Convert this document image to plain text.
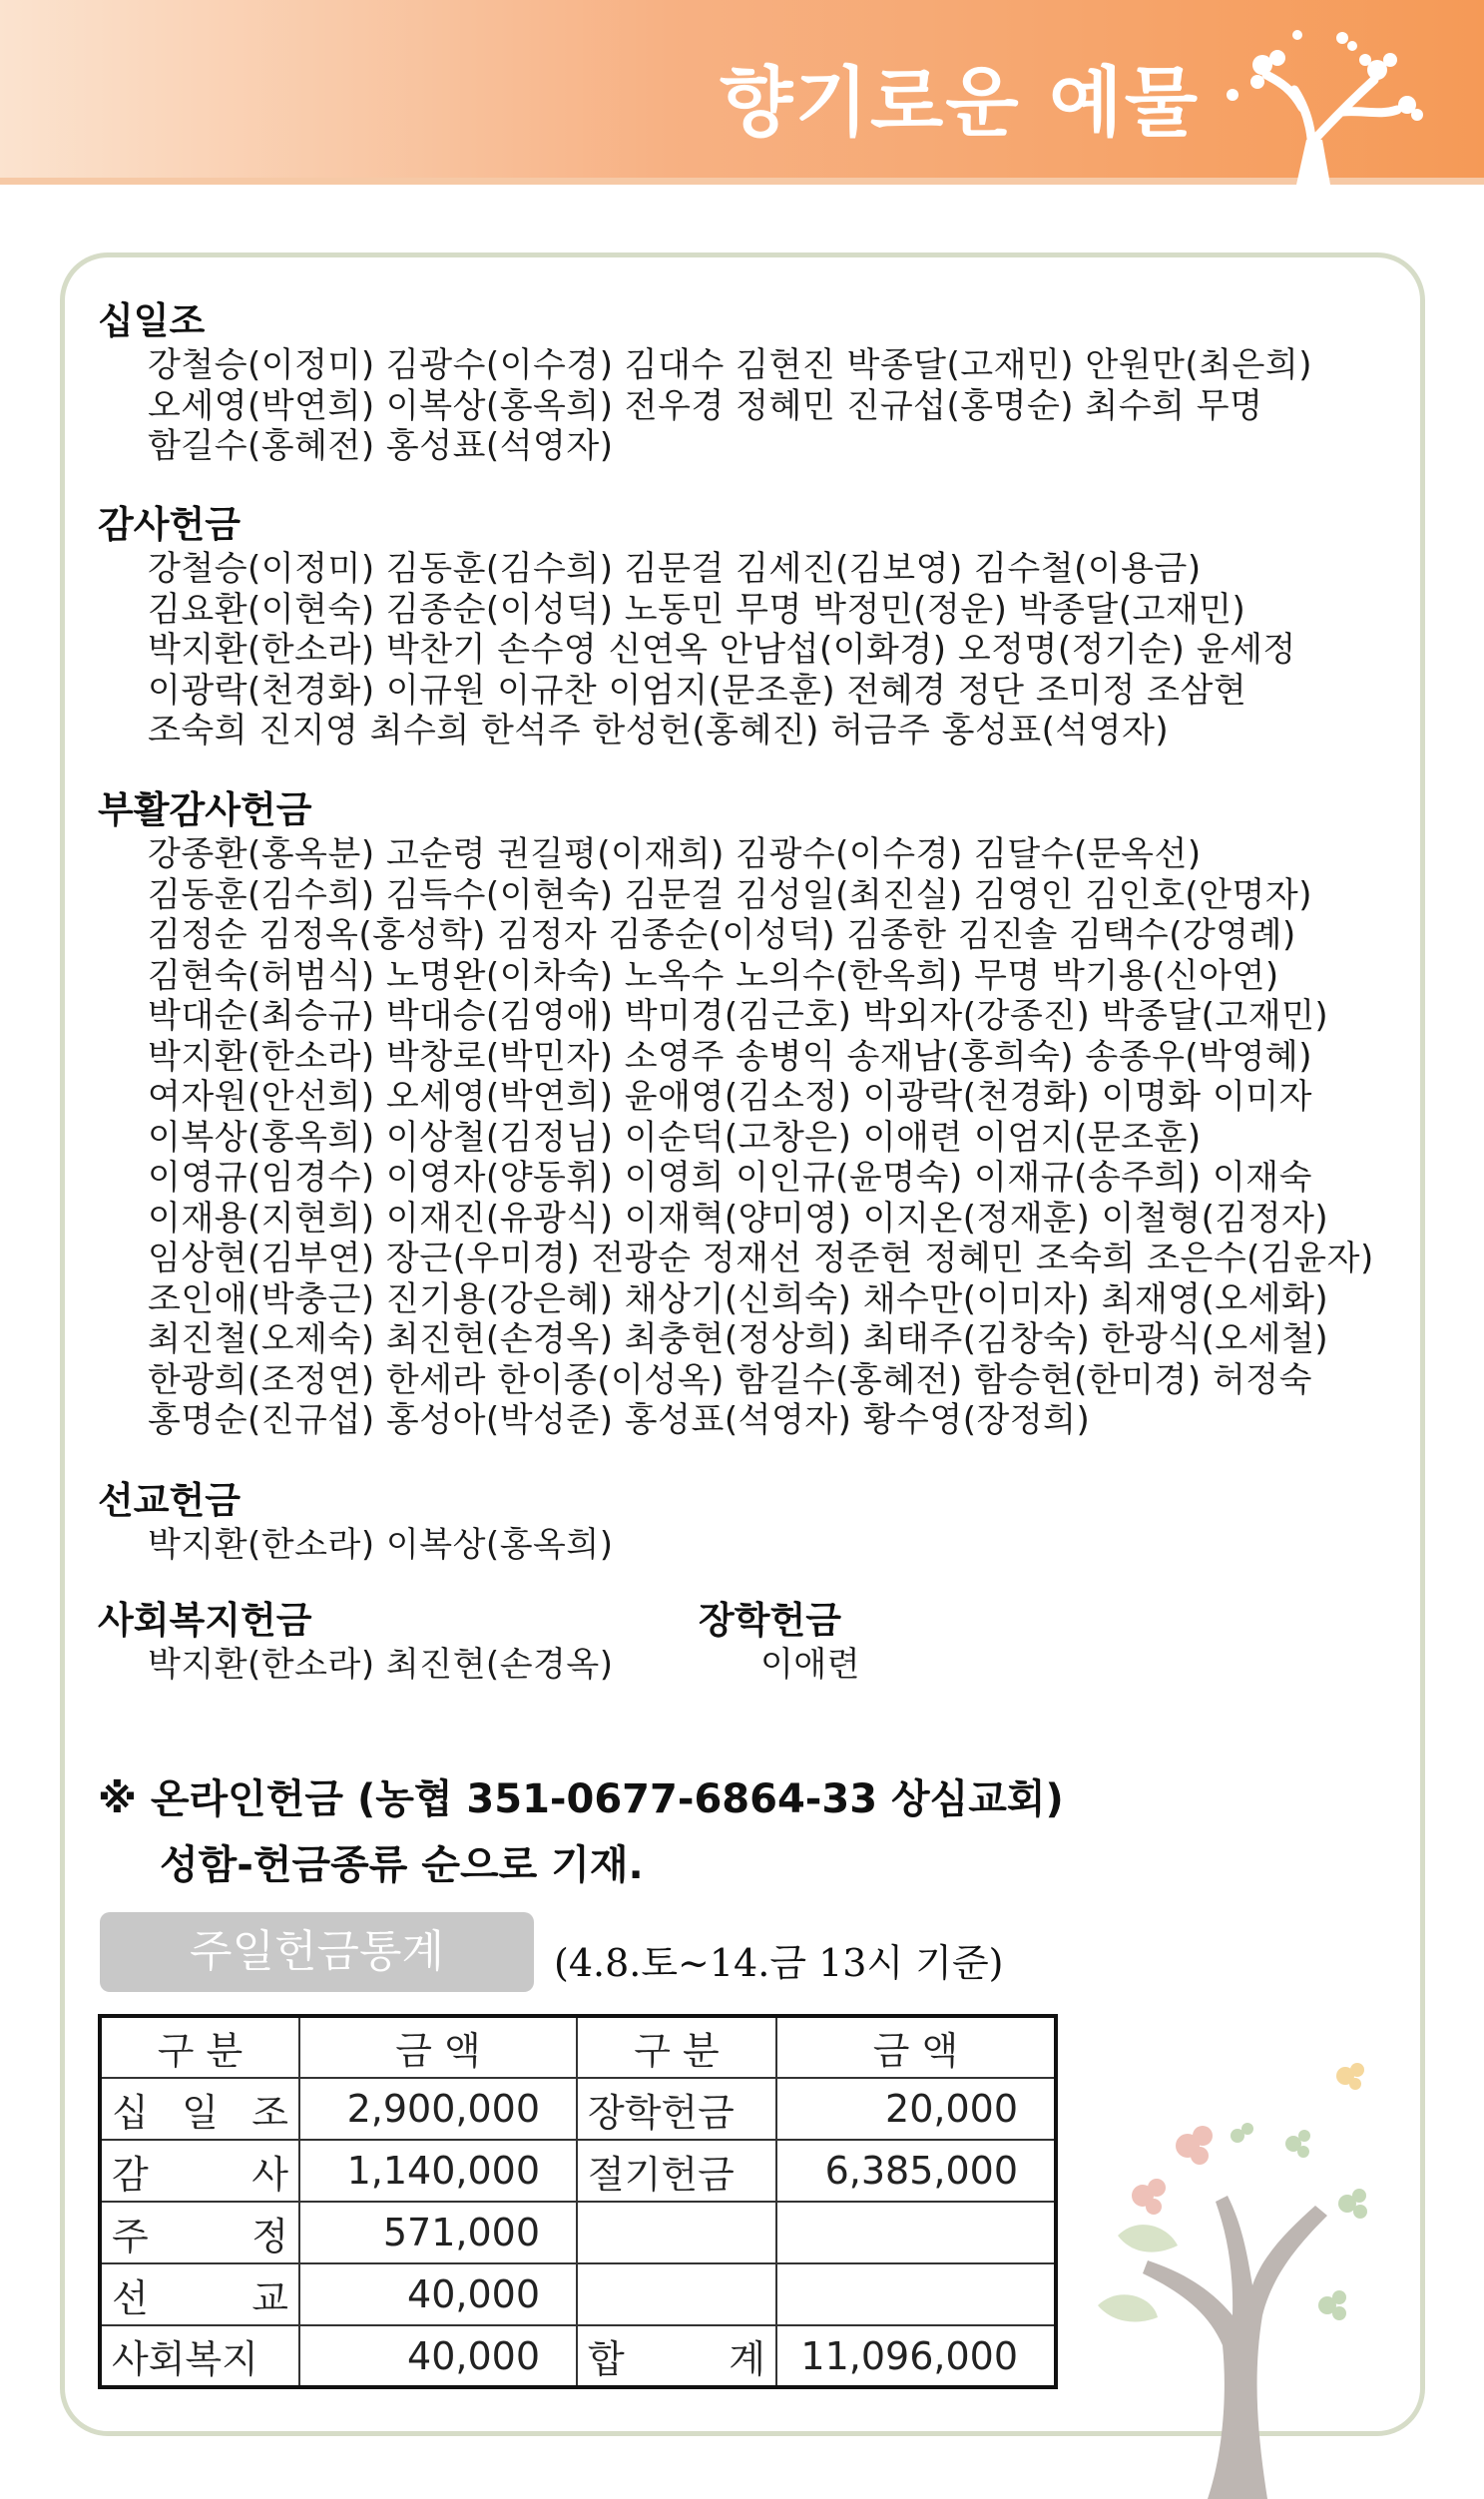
향기로운 예물
십일조
강철승(이정미) 김광수(이수경) 김대수 김현진 박종달(고재민) 안원만(최은희)
오세영(박연희) 이복상(홍옥희) 전우경 정혜민 진규섭(홍명순) 최수희 무명
함길수(홍혜전) 홍성표(석영자)
감사헌금
강철승(이정미) 김동훈(김수희) 김문걸 김세진(김보영) 김수철(이용금)
김요환(이현숙) 김종순(이성덕) 노동민 무명 박정민(정운) 박종달(고재민)
박지환(한소라) 박찬기 손수영 신연옥 안남섭(이화경) 오정명(정기순) 윤세정
이광락(천경화) 이규원 이규찬 이엄지(문조훈) 전혜경 정단 조미정 조삼현
조숙희 진지영 최수희 한석주 한성헌(홍혜진) 허금주 홍성표(석영자)
부활감사헌금
강종환(홍옥분) 고순령 권길평(이재희) 김광수(이수경) 김달수(문옥선)
김동훈(김수희) 김득수(이현숙) 김문걸 김성일(최진실) 김영인 김인호(안명자)
김정순 김정옥(홍성학) 김정자 김종순(이성덕) 김종한 김진솔 김택수(강영례)
김현숙(허범식) 노명완(이차숙) 노옥수 노의수(한옥희) 무명 박기용(신아연)
박대순(최승규) 박대승(김영애) 박미경(김근호) 박외자(강종진) 박종달(고재민)
박지환(한소라) 박창로(박민자) 소영주 송병익 송재남(홍희숙) 송종우(박영혜)
여자원(안선희) 오세영(박연희) 윤애영(김소정) 이광락(천경화) 이명화 이미자
이복상(홍옥희) 이상철(김정님) 이순덕(고창은) 이애련 이엄지(문조훈)
이영규(임경수) 이영자(양동휘) 이영희 이인규(윤명숙) 이재규(송주희) 이재숙
이재용(지현희) 이재진(유광식) 이재혁(양미영) 이지온(정재훈) 이철형(김정자)
임상현(김부연) 장근(우미경) 전광순 정재선 정준현 정혜민 조숙희 조은수(김윤자)
조인애(박충근) 진기용(강은혜) 채상기(신희숙) 채수만(이미자) 최재영(오세화)
최진철(오제숙) 최진현(손경옥) 최충현(정상희) 최태주(김창숙) 한광식(오세철)
한광희(조정연) 한세라 한이종(이성옥) 함길수(홍혜전) 함승현(한미경) 허정숙
홍명순(진규섭) 홍성아(박성준) 홍성표(석영자) 황수영(장정희)
선교헌금
박지환(한소라) 이복상(홍옥희)
사회복지헌금
박지환(한소라) 최진현(손경옥)
장학헌금
이애련
※ 온라인헌금 (농협 351-0677-6864-33 상심교회)
성함-헌금종류 순으로 기재.
주일헌금통계	(4.8.토~14.금 13시 기준)
구 분	금 액	구 분	금 액
십 일 조	2,900,000	장학헌금	20,000
감 사	1,140,000	절기헌금	6,385,000
주 정	571,000		
선 교	40,000		
사회복지	40,000	합 계	11,096,000
